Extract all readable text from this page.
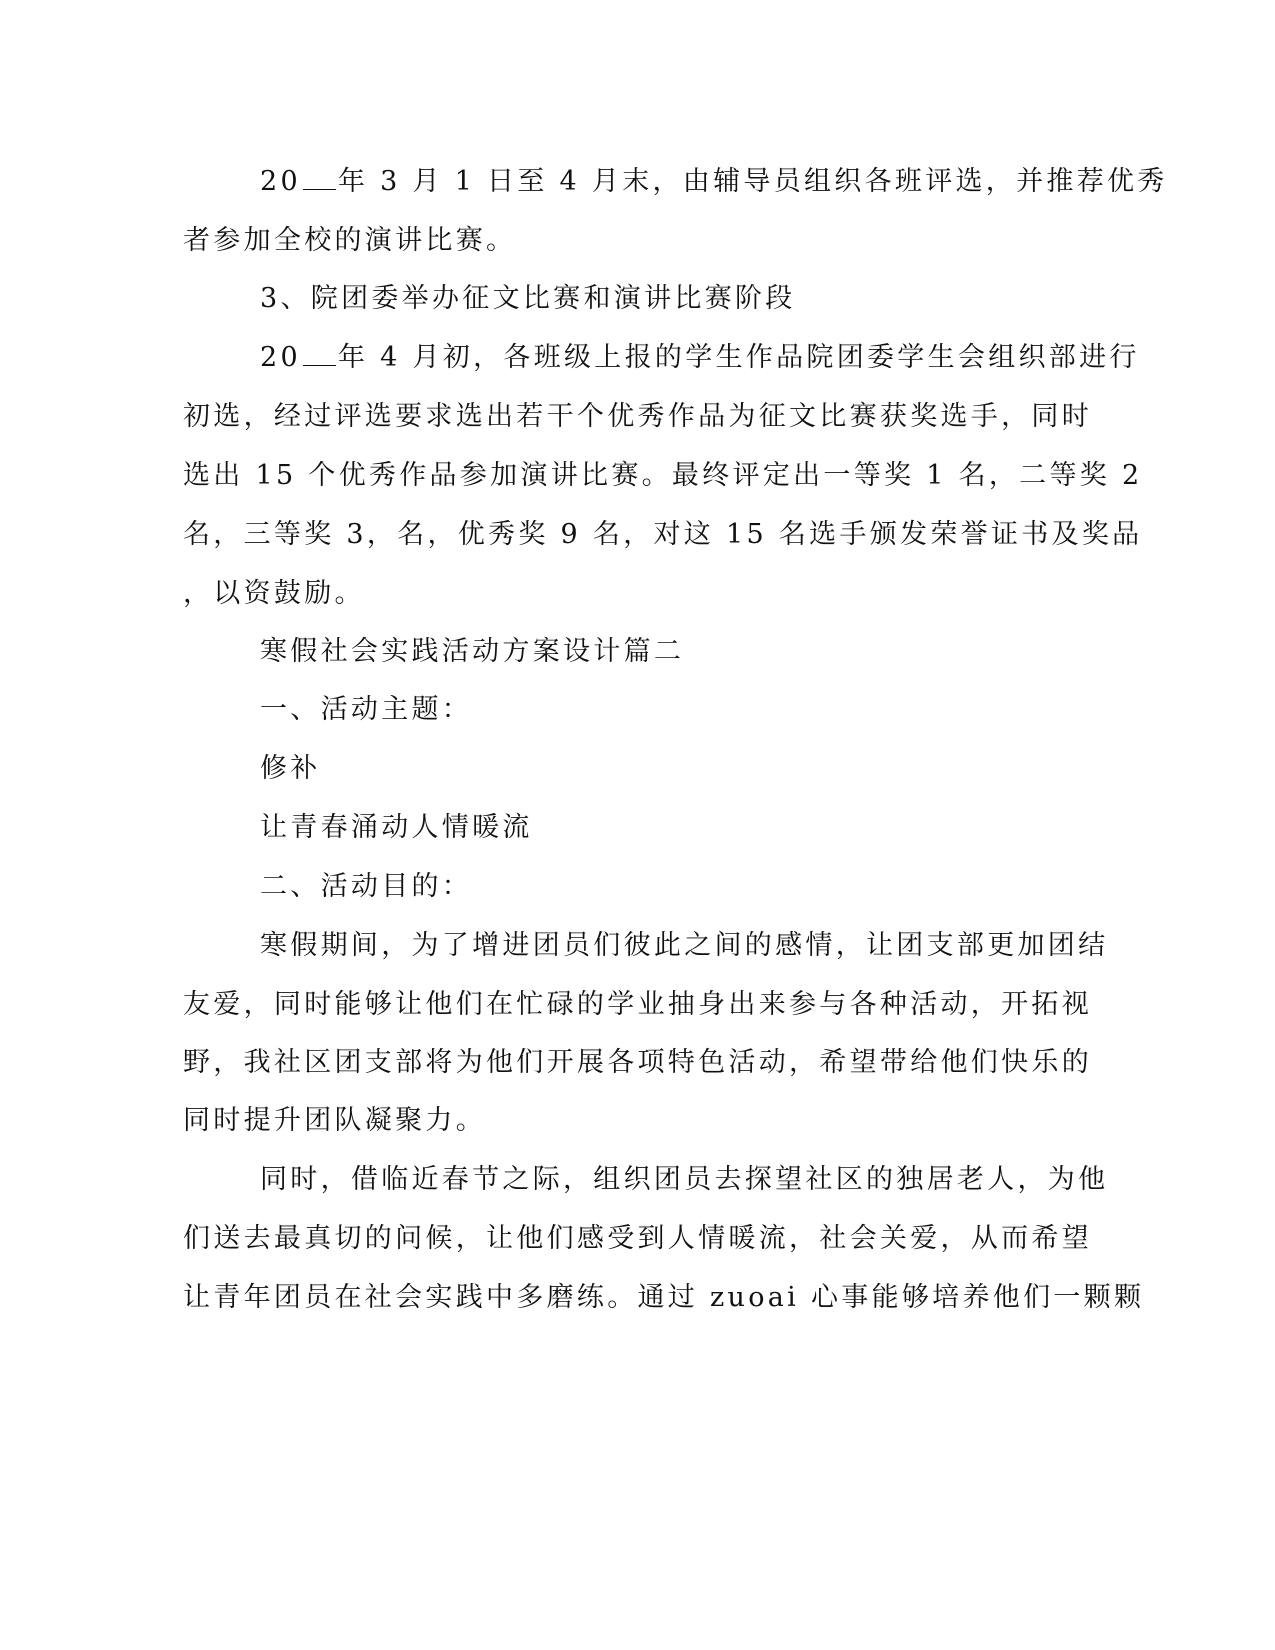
20 年 3 月 1 日至 4 月末，由辅导员组织各班评选，并推荐优秀
者参加全校的演讲比赛。
3、院团委举办征文比赛和演讲比赛阶段
20 年 4 月初，各班级上报的学生作品院团委学生会组织部进行
初选，经过评选要求选出若干个优秀作品为征文比赛获奖选手，同时
选出 15 个优秀作品参加演讲比赛。最终评定出一等奖 1 名，二等奖 2
名，三等奖 3，名，优秀奖 9 名，对这 15 名选手颁发荣誉证书及奖品
，以资鼓励。
寒假社会实践活动方案设计篇二
一、活动主题：
修补
让青春涌动人情暖流
二、活动目的：
寒假期间，为了增进团员们彼此之间的感情，让团支部更加团结
友爱，同时能够让他们在忙碌的学业抽身出来参与各种活动，开拓视
野，我社区团支部将为他们开展各项特色活动，希望带给他们快乐的
同时提升团队凝聚力。
同时，借临近春节之际，组织团员去探望社区的独居老人，为他
们送去最真切的问候，让他们感受到人情暖流，社会关爱，从而希望
让青年团员在社会实践中多磨练。通过 zuoai 心事能够培养他们一颗颗
